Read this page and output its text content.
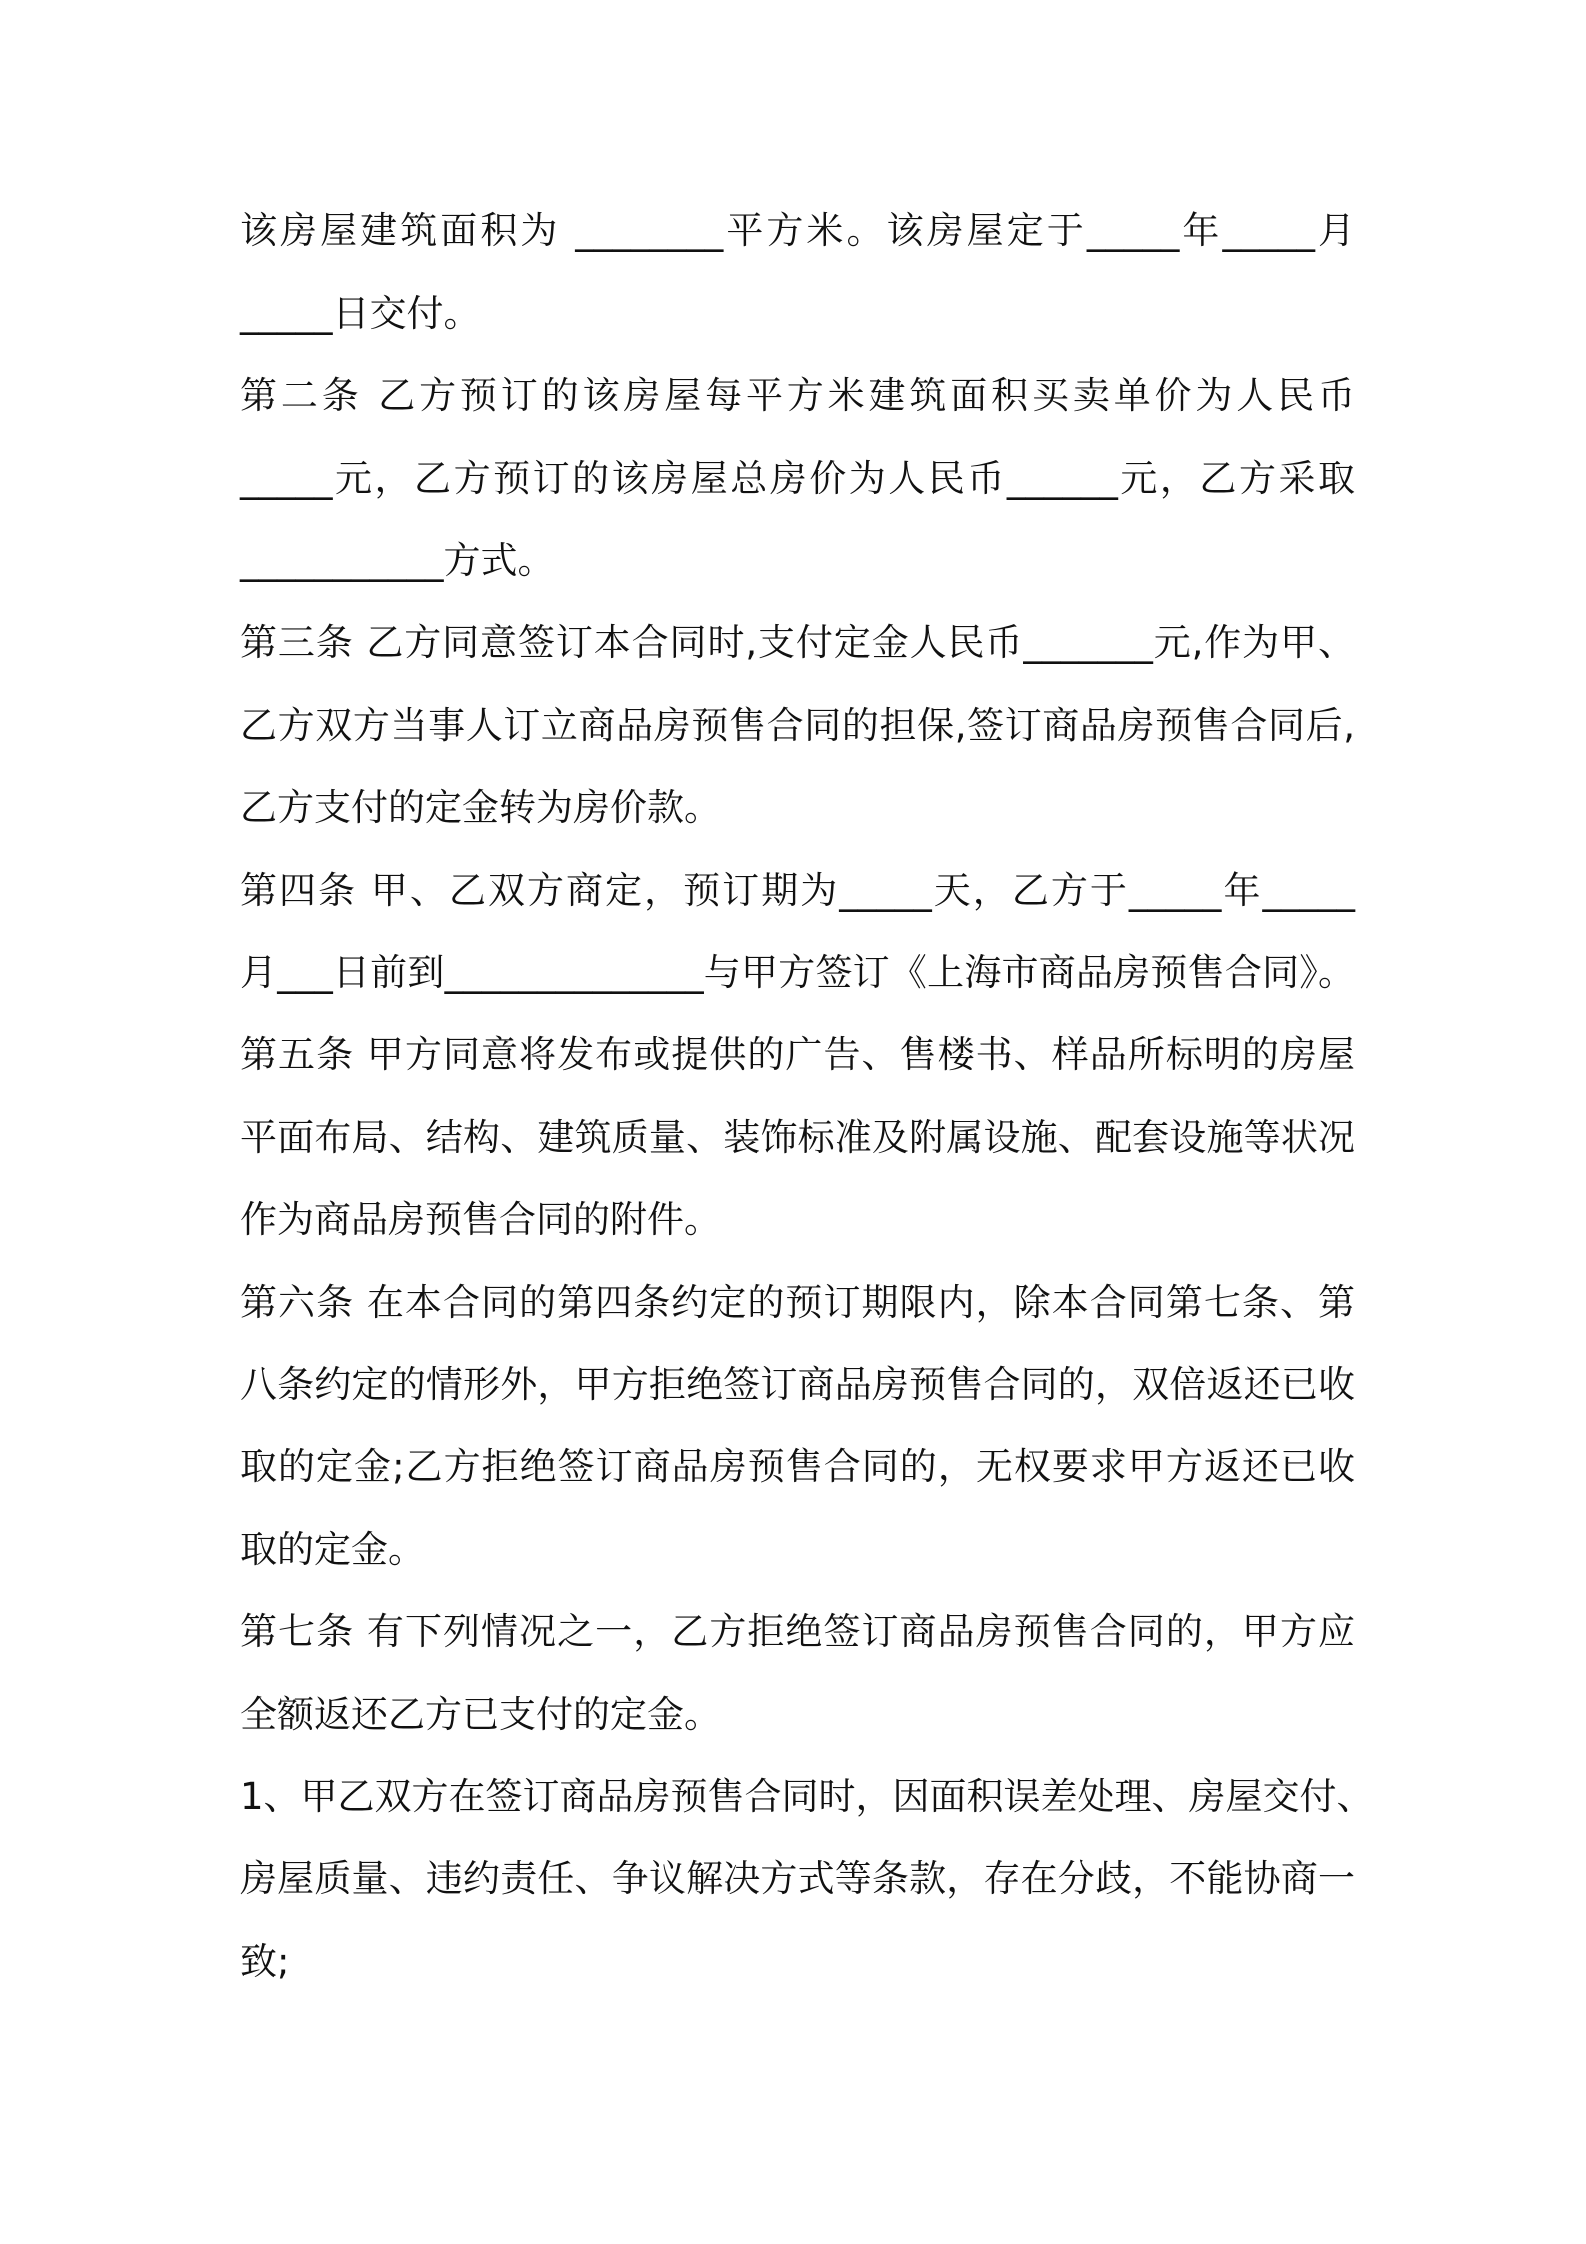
该房屋建筑面积为 ________平方米。该房屋定于_____年_____月
_____日交付。
第二条 乙方预订的该房屋每平方米建筑面积买卖单价为人民币
_____元，乙方预订的该房屋总房价为人民币______元，乙方采取
___________方式。
第三条 乙方同意签订本合同时,支付定金人民币_______元,作为甲、
乙方双方当事人订立商品房预售合同的担保,签订商品房预售合同后,
乙方支付的定金转为房价款。
第四条 甲、乙双方商定，预订期为_____天，乙方于_____年_____
月___日前到______________与甲方签订《上海市商品房预售合同》。
第五条 甲方同意将发布或提供的广告、售楼书、样品所标明的房屋
平面布局、结构、建筑质量、装饰标准及附属设施、配套设施等状况
作为商品房预售合同的附件。
第六条 在本合同的第四条约定的预订期限内，除本合同第七条、第
八条约定的情形外，甲方拒绝签订商品房预售合同的，双倍返还已收
取的定金;乙方拒绝签订商品房预售合同的，无权要求甲方返还已收
取的定金。
第七条 有下列情况之一，乙方拒绝签订商品房预售合同的，甲方应
全额返还乙方已支付的定金。
1、甲乙双方在签订商品房预售合同时，因面积误差处理、房屋交付、
房屋质量、违约责任、争议解决方式等条款，存在分歧，不能协商一
致;
